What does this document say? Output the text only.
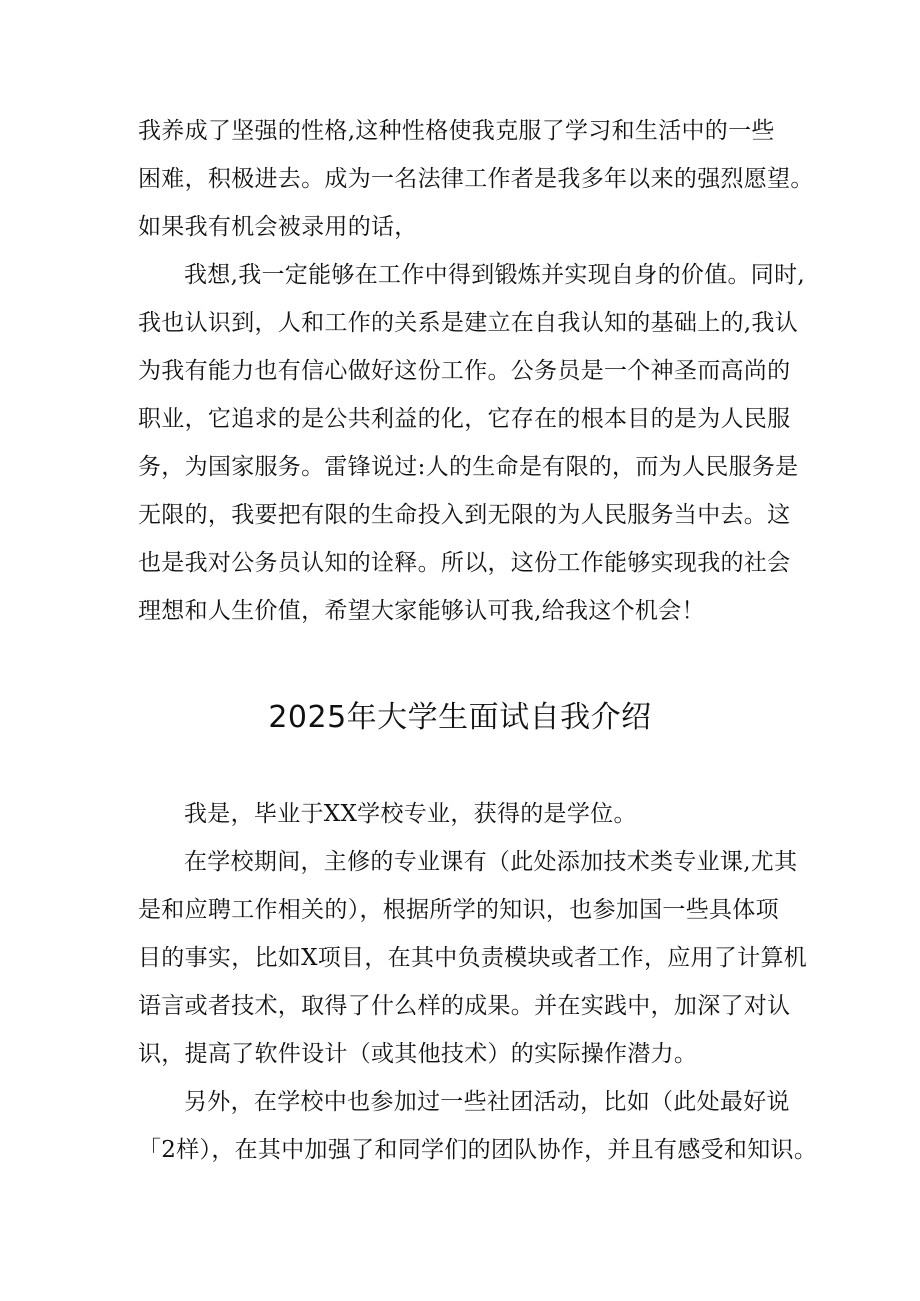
我养成了坚强的性格,这种性格使我克服了学习和生活中的一些
困难，积极进去。成为一名法律工作者是我多年以来的强烈愿望。
如果我有机会被录用的话，
我想,我一定能够在工作中得到锻炼并实现自身的价值。同时,
我也认识到，人和工作的关系是建立在自我认知的基础上的,我认
为我有能力也有信心做好这份工作。公务员是一个神圣而高尚的
职业，它追求的是公共利益的化，它存在的根本目的是为人民服
务，为国家服务。雷锋说过:人的生命是有限的，而为人民服务是
无限的，我要把有限的生命投入到无限的为人民服务当中去。这
也是我对公务员认知的诠释。所以，这份工作能够实现我的社会
理想和人生价值，希望大家能够认可我,给我这个机会！
2025年大学生面试自我介绍
我是，毕业于XX学校专业，获得的是学位。
在学校期间，主修的专业课有（此处添加技术类专业课,尤其
是和应聘工作相关的），根据所学的知识，也参加国一些具体项
目的事实，比如X项目，在其中负责模块或者工作，应用了计算机
语言或者技术，取得了什么样的成果。并在实践中，加深了对认
识，提高了软件设计（或其他技术）的实际操作潜力。
另外，在学校中也参加过一些社团活动，比如（此处最好说
「2样），在其中加强了和同学们的团队协作，并且有感受和知识。
